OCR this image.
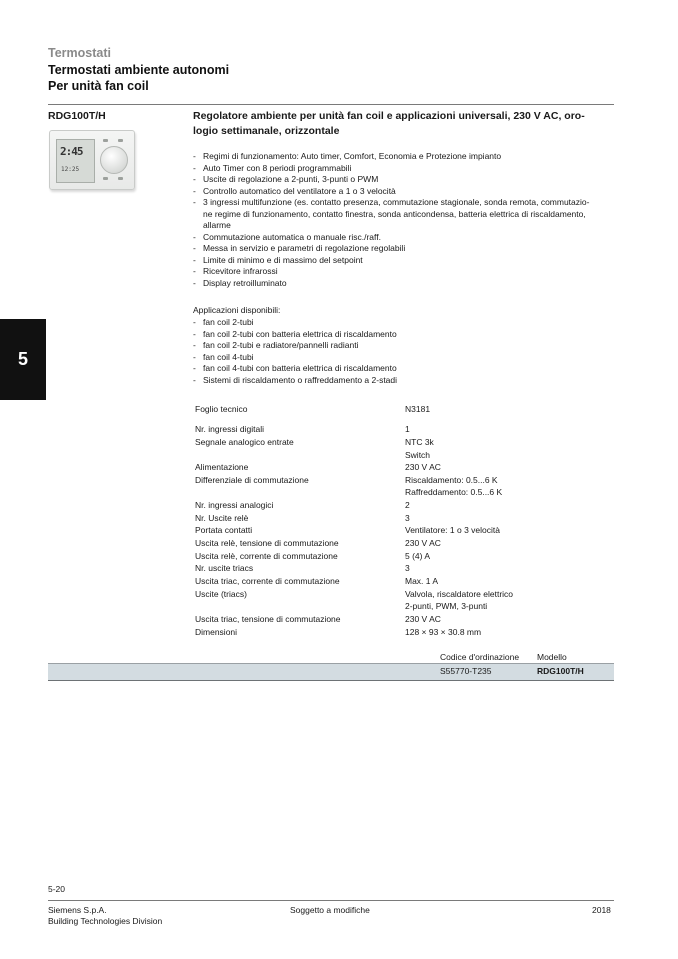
Termostati
Termostati ambiente autonomi
Per unità fan coil
5
RDG100T/H
2:45
12:25
Regolatore ambiente per unità fan coil e applicazioni universali, 230 V AC, oro-
logio settimanale, orizzontale
- Regimi di funzionamento: Auto timer, Comfort, Economia e Protezione impianto
- Auto Timer con 8 periodi programmabili
- Uscite di regolazione a 2-punti, 3-punti o PWM
- Controllo automatico del ventilatore a 1 o 3 velocità
- 3 ingressi multifunzione (es. contatto presenza, commutazione stagionale, sonda remota, commutazio-
ne regime di funzionamento, contatto finestra, sonda anticondensa, batteria elettrica di riscaldamento,
allarme
- Commutazione automatica o manuale risc./raff.
- Messa in servizio e parametri di regolazione regolabili
- Limite di minimo e di massimo del setpoint
- Ricevitore infrarossi
- Display retroilluminato
Applicazioni disponibili:
- fan coil 2-tubi
- fan coil 2-tubi con batteria elettrica di riscaldamento
- fan coil 2-tubi e radiatore/pannelli radianti
- fan coil 4-tubi
- fan coil 4-tubi con batteria elettrica di riscaldamento
- Sistemi di riscaldamento o raffreddamento a 2-stadi
Foglio tecnico	N3181
Nr. ingressi digitali	1
Segnale analogico entrate	NTC 3k
Switch
Alimentazione	230 V AC
Differenziale di commutazione	Riscaldamento: 0.5...6 K
Raffreddamento: 0.5...6 K
Nr. ingressi analogici	2
Nr. Uscite relè	3
Portata contatti	Ventilatore: 1 o 3 velocità
Uscita relè, tensione di commutazione	230 V AC
Uscita relè, corrente di commutazione	5 (4) A
Nr. uscite triacs	3
Uscita triac, corrente di commutazione	Max. 1 A
Uscite (triacs)	Valvola, riscaldatore elettrico
2-punti, PWM, 3-punti
Uscita triac, tensione di commutazione	230 V AC
Dimensioni	128 × 93 × 30.8 mm
Codice d'ordinazione Modello
S55770-T235	RDG100T/H
5-20
Siemens S.p.A.
Building Technologies Division
Soggetto a modifiche	2018
